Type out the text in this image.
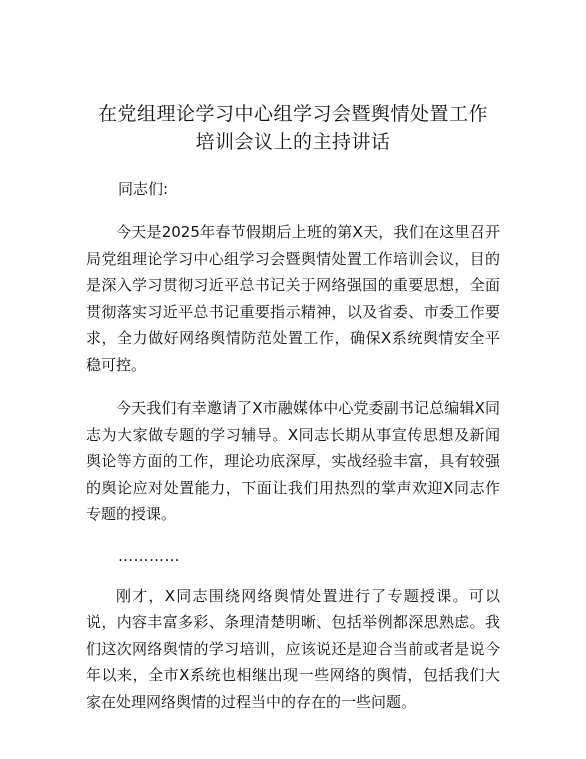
在党组理论学习中心组学习会暨舆情处置工作
培训会议上的主持讲话

同志们:

今天是2025年春节假期后上班的第X天，我们在这里召开局党组理论学习中心组学习会暨舆情处置工作培训会议，目的是深入学习贯彻习近平总书记关于网络强国的重要思想，全面贯彻落实习近平总书记重要指示精神，以及省委、市委工作要求，全力做好网络舆情防范处置工作，确保X系统舆情安全平稳可控。

今天我们有幸邀请了X市融媒体中心党委副书记总编辑X同志为大家做专题的学习辅导。X同志长期从事宣传思想及新闻舆论等方面的工作，理论功底深厚，实战经验丰富，具有较强的舆论应对处置能力，下面让我们用热烈的掌声欢迎X同志作专题的授课。

…………

刚才，X同志围绕网络舆情处置进行了专题授课。可以说，内容丰富多彩、条理清楚明晰、包括举例都深思熟虑。我们这次网络舆情的学习培训，应该说还是迎合当前或者是说今年以来，全市X系统也相继出现一些网络的舆情，包括我们大家在处理网络舆情的过程当中的存在的一些问题。
